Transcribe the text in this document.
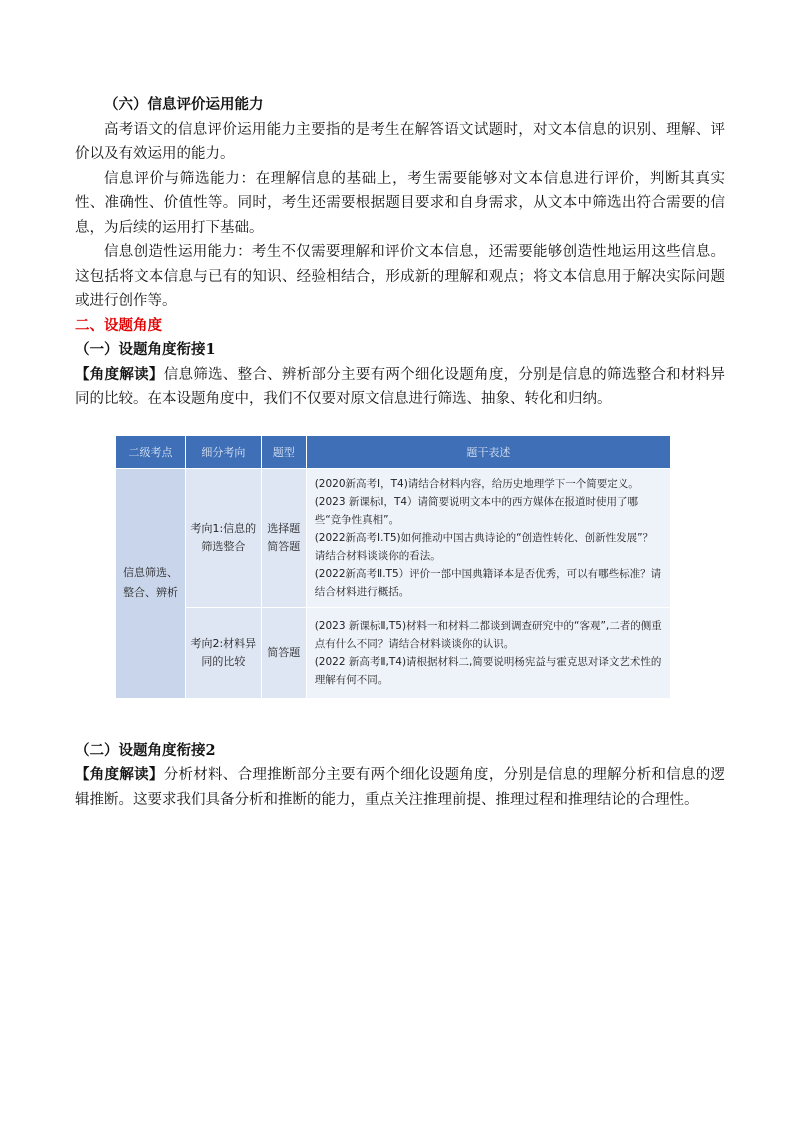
（六）信息评价运用能力

高考语文的信息评价运用能力主要指的是考生在解答语文试题时，对文本信息的识别、理解、评价以及有效运用的能力。

信息评价与筛选能力：在理解信息的基础上，考生需要能够对文本信息进行评价，判断其真实性、准确性、价值性等。同时，考生还需要根据题目要求和自身需求，从文本中筛选出符合需要的信息，为后续的运用打下基础。

信息创造性运用能力：考生不仅需要理解和评价文本信息，还需要能够创造性地运用这些信息。这包括将文本信息与已有的知识、经验相结合，形成新的理解和观点；将文本信息用于解决实际问题或进行创作等。

二、设题角度

（一）设题角度衔接1

【角度解读】信息筛选、整合、辨析部分主要有两个细化设题角度，分别是信息的筛选整合和材料异同的比较。在本设题角度中，我们不仅要对原文信息进行筛选、抽象、转化和归纳。

二级考点	细分考向	题型	题干表述
信息筛选、整合、辨析	考向1:信息的筛选整合	选择题 简答题	(2020新高考Ⅰ，T4)请结合材料内容，给历史地理学下一个简要定义。

(2023 新课标Ⅰ，T4）请简要说明文本中的西方媒体在报道时使用了哪些“竞争性真相”。

(2022新高考Ⅰ.T5)如何推动中国古典诗论的“创造性转化、创新性发展”？请结合材料谈谈你的看法。

(2022新高考Ⅱ.T5）评价一部中国典籍译本是否优秀，可以有哪些标准？请结合材料进行概括。

	考向2:材料异同的比较	简答题	(2023 新课标Ⅱ,T5)材料一和材料二都谈到调查研究中的“客观”,二者的侧重点有什么不同？请结合材料谈谈你的认识。

(2022 新高考Ⅱ,T4)请根据材料二,简要说明杨宪益与霍克思对译文艺术性的理解有何不同。

（二）设题角度衔接2

【角度解读】分析材料、合理推断部分主要有两个细化设题角度，分别是信息的理解分析和信息的逻辑推断。这要求我们具备分析和推断的能力，重点关注推理前提、推理过程和推理结论的合理性。
